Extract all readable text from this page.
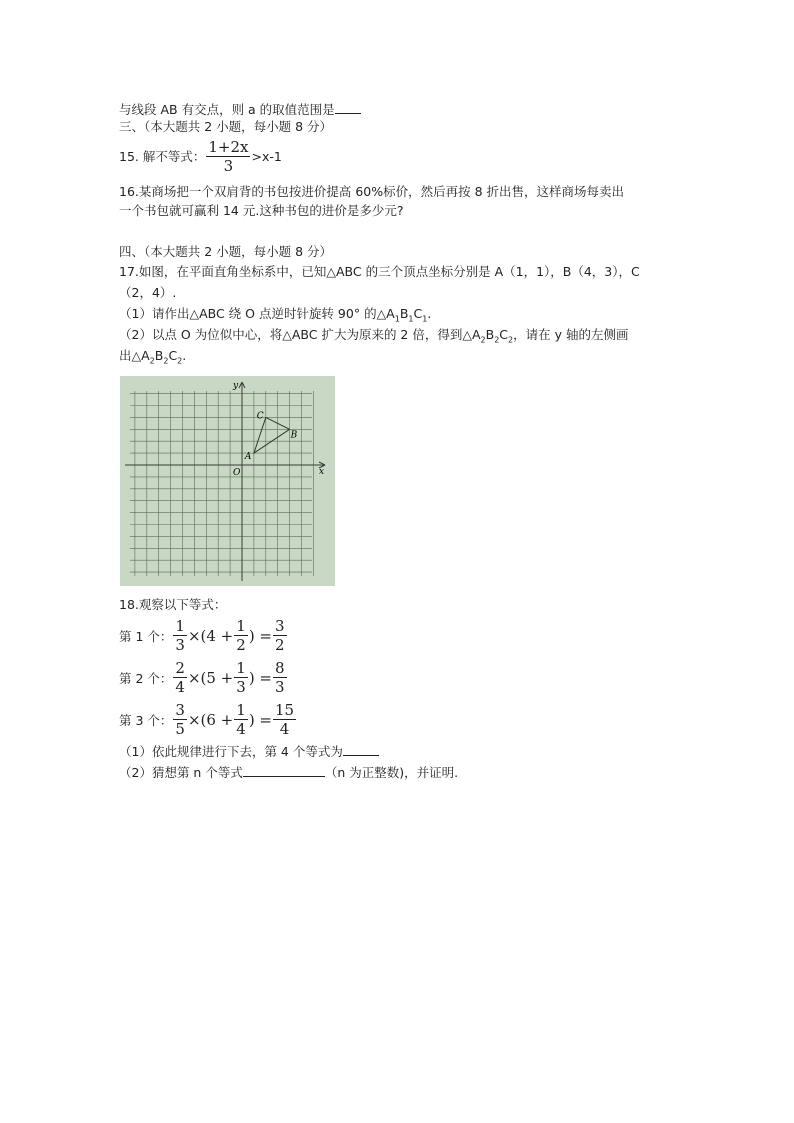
与线段 AB 有交点，则 a 的取值范围是
三、（本大题共 2 小题，每小题 8 分）
15. 解不等式： $\frac{1+2x}{3} >x-1$
16.某商场把一个双肩背的书包按进价提高 60%标价，然后再按 8 折出售，这样商场每卖出
一个书包就可赢利 14 元.这种书包的进价是多少元?
四、（本大题共 2 小题，每小题 8 分）
17.如图，在平面直角坐标系中，已知△ABC 的三个顶点坐标分别是 A（1，1），B（4，3），C
（2，4）.
（1）请作出△ABC 绕 O 点逆时针旋转 90° 的$\triangle A_1B_1C_1$.
（2）以点 O 为位似中心，将△ABC 扩大为原来的 2 倍，得到$\triangle A_2B_2C_2$，请在 y 轴的左侧画
出$\triangle A_2B_2C_2$.
y
x
O
A
B
C
18.观察以下等式：
第 1 个： $\frac{1}{3} \times(4 + \frac{1}{2}$ ) = $\frac{3}{2}$
第 2 个： $\frac{2}{4} \times(5 + \frac{1}{3}$ ) = $\frac{8}{3}$
第 3 个： $\frac{3}{5} \times(6 + \frac{1}{4}$ ) = $\frac{15}{4}$
（1）依此规律进行下去，第 4 个等式为
（2）猜想第 n 个等式	（n 为正整数)，并证明.
